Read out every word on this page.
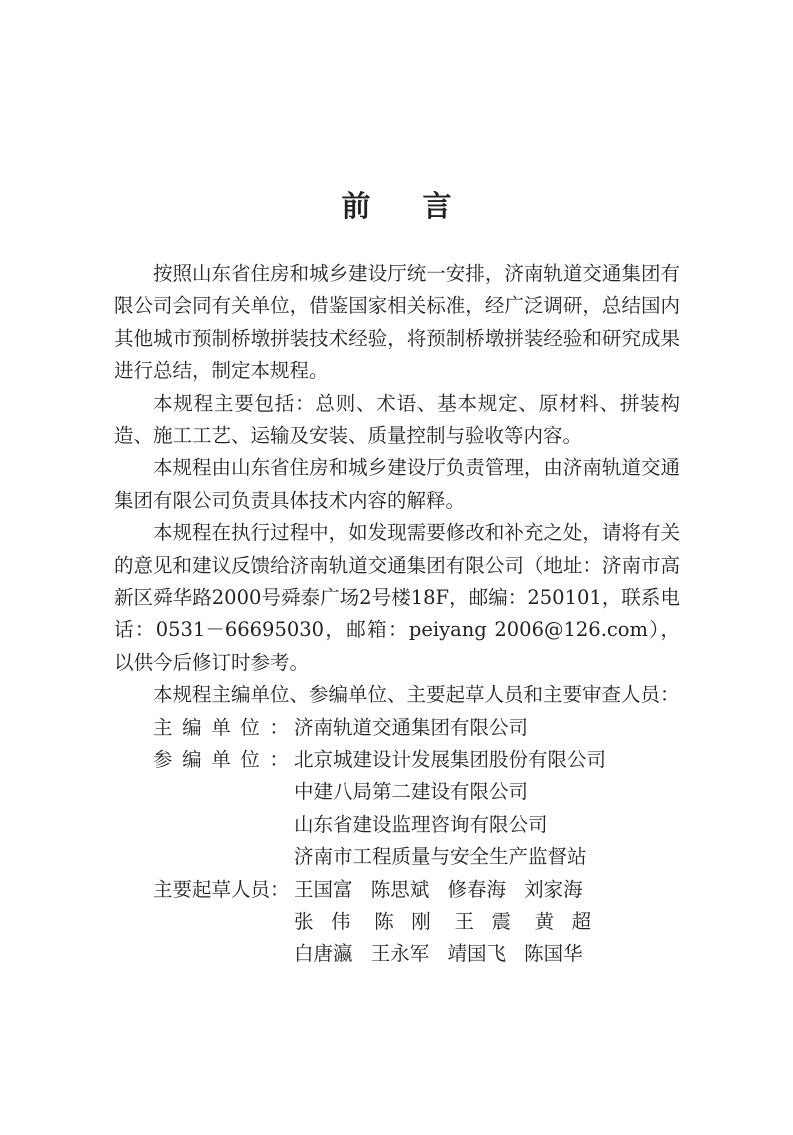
前 言

按照山东省住房和城乡建设厅统一安排，济南轨道交通集团有限公司会同有关单位，借鉴国家相关标准，经广泛调研，总结国内其他城市预制桥墩拼装技术经验，将预制桥墩拼装经验和研究成果进行总结，制定本规程。

本规程主要包括：总则、术语、基本规定、原材料、拼装构造、施工工艺、运输及安装、质量控制与验收等内容。

本规程由山东省住房和城乡建设厅负责管理，由济南轨道交通集团有限公司负责具体技术内容的解释。

本规程在执行过程中，如发现需要修改和补充之处，请将有关的意见和建议反馈给济南轨道交通集团有限公司（地址：济南市高新区舜华路2000号舜泰广场2号楼18F，邮编：250101，联系电话：0531－66695030，邮箱：peiyang 2006@126.com），以供今后修订时参考。

本规程主编单位、参编单位、主要起草人员和主要审查人员：

主编单位：
济南轨道交通集团有限公司
参编单位：
北京城建设计发展集团股份有限公司
中建八局第二建设有限公司
山东省建设监理咨询有限公司
济南市工程质量与安全生产监督站
主要起草人员： 王国富 陈思斌 修春海 刘家海
张伟 陈刚 王震 黄超
白唐瀛 王永军 靖国飞 陈国华
